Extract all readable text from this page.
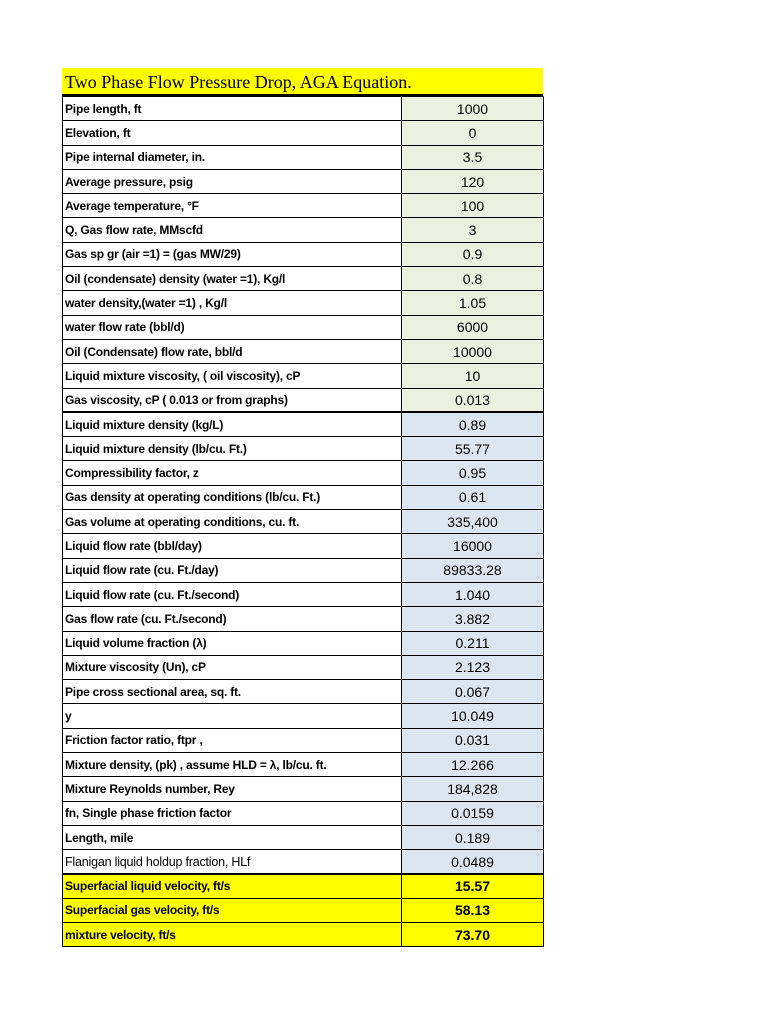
Two Phase Flow Pressure Drop, AGA Equation.
Pipe length, ft	1000
Elevation, ft	0
Pipe internal diameter, in.	3.5
Average pressure, psig	120
Average temperature, °F	100
Q, Gas flow rate, MMscfd	3
Gas sp gr (air =1) = (gas MW/29)	0.9
Oil (condensate) density (water =1), Kg/l	0.8
water density,(water =1) , Kg/l	1.05
water flow rate (bbl/d)	6000
Oil (Condensate) flow rate, bbl/d	10000
Liquid mixture viscosity, ( oil viscosity), cP	10
Gas viscosity, cP ( 0.013 or from graphs)	0.013
Liquid mixture density (kg/L)	0.89
Liquid mixture density (lb/cu. Ft.)	55.77
Compressibility factor, z	0.95
Gas density at operating conditions (lb/cu. Ft.)	0.61
Gas volume at operating conditions, cu. ft.	335,400
Liquid flow rate (bbl/day)	16000
Liquid flow rate (cu. Ft./day)	89833.28
Liquid flow rate (cu. Ft./second)	1.040
Gas flow rate (cu. Ft./second)	3.882
Liquid volume fraction (λ)	0.211
Mixture viscosity (Un), cP	2.123
Pipe cross sectional area, sq. ft.	0.067
y	10.049
Friction factor ratio, ftpr ,	0.031
Mixture density, (pk) , assume HLD = λ, lb/cu. ft.	12.266
Mixture Reynolds number, Rey	184,828
fn, Single phase friction factor	0.0159
Length, mile	0.189
Flanigan liquid holdup fraction, HLf	0.0489
Superfacial liquid velocity, ft/s	15.57
Superfacial gas velocity, ft/s	58.13
mixture velocity, ft/s	73.70
